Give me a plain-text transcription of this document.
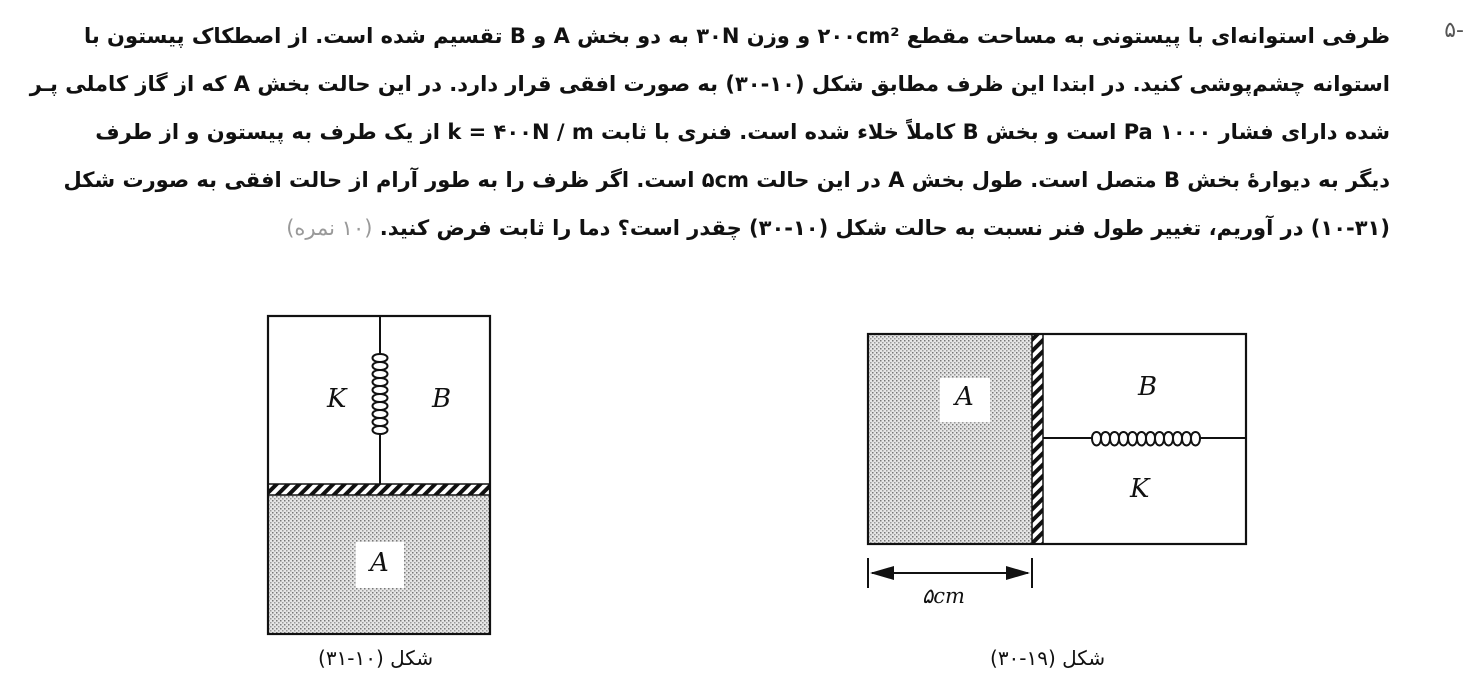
-۵
ظرفی استوانه‌ای با پیستونی به مساحت مقطع ۲۰۰cm² و وزن ۳۰N به دو بخش A و B تقسیم شده است. از اصطکاک پیستون با
استوانه چشم‌پوشی کنید. در ابتدا این ظرف مطابق شکل (۱۰-۳۰) به صورت افقی قرار دارد. در این حالت بخش A که از گاز کاملی پـر
شده دارای فشار Pa ۱۰۰۰ است و بخش B کاملاً خلاء شده است. فنری با ثابت k = ۴۰۰N / m از یک طرف به پیستون و از طرف
دیگر به دیوارهٔ بخش B متصل است. طول بخش A در این حالت ۵cm است. اگر ظرف را به طور آرام از حالت افقی به صورت شکل
(۱۰-۳۱) در آوریم، تغییر طول فنر نسبت به حالت شکل (۱۰-۳۰) چقدر است؟ دما را ثابت فرض کنید. (۱۰ نمره)
K	B
A
شکل (۱۰-۳۱)
A	B
K
۵cm
شکل (۱۹-۳۰)
